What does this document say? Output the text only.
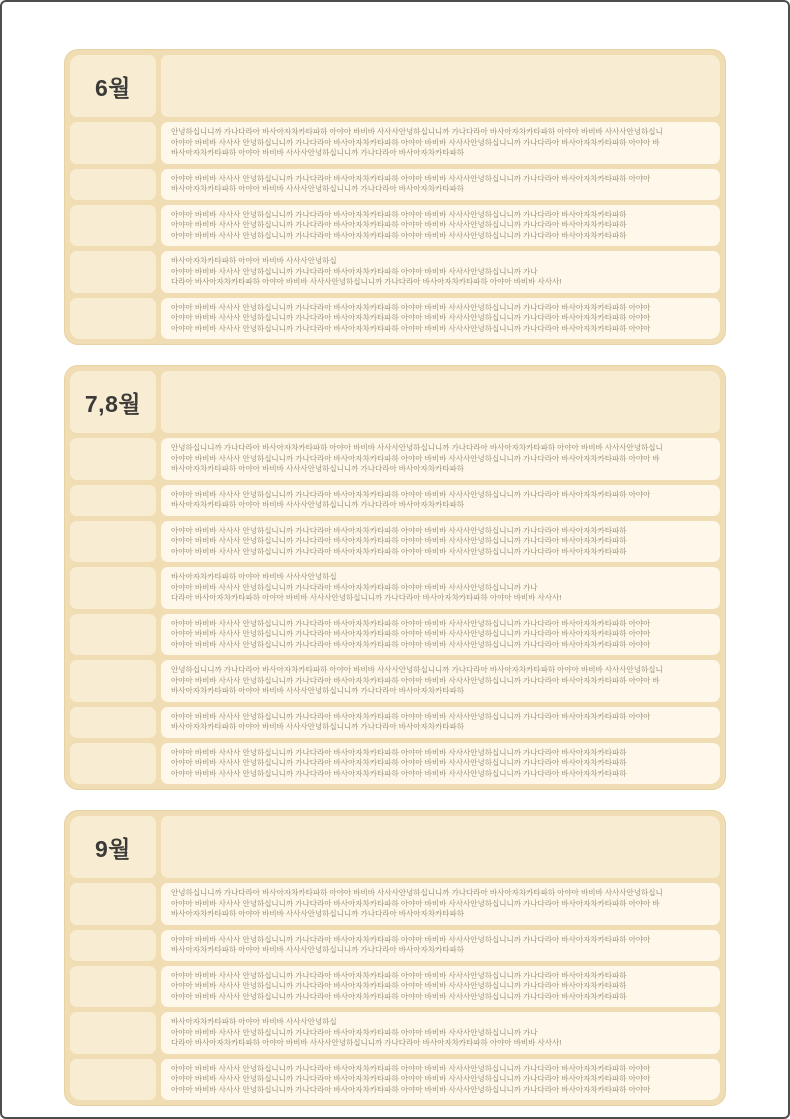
6월
안녕하십니니까 가나다라아 바사아자차카타파하 아야아 바비바 사사사안녕하십니니까 가나다라아 바사아자차카타파하 아야아 바비바 사사사안녕하십니
아야아 바비바 사사사 안녕하십니니까 가나다라아 바사아자차카타파하 아야아 바비바 사사사안녕하십니니까 가나다라아 바사아자차카타파하 아야아 바
바사아자차카타파하 아야아 바비바 사사사안녕하십니니까 가나다라아 바사아자차카타파하
아야아 바비바 사사사 안녕하십니니까 가나다라아 바사아자차카타파하 아야아 바비바 사사사안녕하십니니까 가나다라아 바사아자차카타파하 아야아
바사아자차카타파하 아야아 바비바 사사사안녕하십니니까 가나다라아 바사아자차카타파하
아야아 바비바 사사사 안녕하십니니까 가나다라아 바사아자차카타파하 아야아 바비바 사사사안녕하십니니까 가나다라아 바사아자차카타파하
아야아 바비바 사사사 안녕하십니니까 가나다라아 바사아자차카타파하 아야아 바비바 사사사안녕하십니니까 가나다라아 바사아자차카타파하
아야아 바비바 사사사 안녕하십니니까 가나다라아 바사아자차카타파하 아야아 바비바 사사사안녕하십니니까 가나다라아 바사아자차카타파하
바사아자차카타파하 아야아 바비바 사사사안녕하십
아야아 바비바 사사사 안녕하십니니까 가나다라아 바사아자차카타파하 아야아 바비바 사사사안녕하십니니까 가나
다라아 바사아자차카타파하 아야아 바비바 사사사안녕하십니니까 가나다라아 바사아자차카타파하 아야아 바비바 사사사!
아야아 바비바 사사사 안녕하십니니까 가나다라아 바사아자차카타파하 아야아 바비바 사사사안녕하십니니까 가나다라아 바사아자차카타파하 아야아
아야아 바비바 사사사 안녕하십니니까 가나다라아 바사아자차카타파하 아야아 바비바 사사사안녕하십니니까 가나다라아 바사아자차카타파하 아야아
아야아 바비바 사사사 안녕하십니니까 가나다라아 바사아자차카타파하 아야아 바비바 사사사안녕하십니니까 가나다라아 바사아자차카타파하 아야아
7,8월
안녕하십니니까 가나다라아 바사아자차카타파하 아야아 바비바 사사사안녕하십니니까 가나다라아 바사아자차카타파하 아야아 바비바 사사사안녕하십니
아야아 바비바 사사사 안녕하십니니까 가나다라아 바사아자차카타파하 아야아 바비바 사사사안녕하십니니까 가나다라아 바사아자차카타파하 아야아 바
바사아자차카타파하 아야아 바비바 사사사안녕하십니니까 가나다라아 바사아자차카타파하
아야아 바비바 사사사 안녕하십니니까 가나다라아 바사아자차카타파하 아야아 바비바 사사사안녕하십니니까 가나다라아 바사아자차카타파하 아야아
바사아자차카타파하 아야아 바비바 사사사안녕하십니니까 가나다라아 바사아자차카타파하
아야아 바비바 사사사 안녕하십니니까 가나다라아 바사아자차카타파하 아야아 바비바 사사사안녕하십니니까 가나다라아 바사아자차카타파하
아야아 바비바 사사사 안녕하십니니까 가나다라아 바사아자차카타파하 아야아 바비바 사사사안녕하십니니까 가나다라아 바사아자차카타파하
아야아 바비바 사사사 안녕하십니니까 가나다라아 바사아자차카타파하 아야아 바비바 사사사안녕하십니니까 가나다라아 바사아자차카타파하
바사아자차카타파하 아야아 바비바 사사사안녕하십
아야아 바비바 사사사 안녕하십니니까 가나다라아 바사아자차카타파하 아야아 바비바 사사사안녕하십니니까 가나
다라아 바사아자차카타파하 아야아 바비바 사사사안녕하십니니까 가나다라아 바사아자차카타파하 아야아 바비바 사사사!
아야아 바비바 사사사 안녕하십니니까 가나다라아 바사아자차카타파하 아야아 바비바 사사사안녕하십니니까 가나다라아 바사아자차카타파하 아야아
아야아 바비바 사사사 안녕하십니니까 가나다라아 바사아자차카타파하 아야아 바비바 사사사안녕하십니니까 가나다라아 바사아자차카타파하 아야아
아야아 바비바 사사사 안녕하십니니까 가나다라아 바사아자차카타파하 아야아 바비바 사사사안녕하십니니까 가나다라아 바사아자차카타파하 아야아
안녕하십니니까 가나다라아 바사아자차카타파하 아야아 바비바 사사사안녕하십니니까 가나다라아 바사아자차카타파하 아야아 바비바 사사사안녕하십니
아야아 바비바 사사사 안녕하십니니까 가나다라아 바사아자차카타파하 아야아 바비바 사사사안녕하십니니까 가나다라아 바사아자차카타파하 아야아 바
바사아자차카타파하 아야아 바비바 사사사안녕하십니니까 가나다라아 바사아자차카타파하
아야아 바비바 사사사 안녕하십니니까 가나다라아 바사아자차카타파하 아야아 바비바 사사사안녕하십니니까 가나다라아 바사아자차카타파하 아야아
바사아자차카타파하 아야아 바비바 사사사안녕하십니니까 가나다라아 바사아자차카타파하
아야아 바비바 사사사 안녕하십니니까 가나다라아 바사아자차카타파하 아야아 바비바 사사사안녕하십니니까 가나다라아 바사아자차카타파하
아야아 바비바 사사사 안녕하십니니까 가나다라아 바사아자차카타파하 아야아 바비바 사사사안녕하십니니까 가나다라아 바사아자차카타파하
아야아 바비바 사사사 안녕하십니니까 가나다라아 바사아자차카타파하 아야아 바비바 사사사안녕하십니니까 가나다라아 바사아자차카타파하
9월
안녕하십니니까 가나다라아 바사아자차카타파하 아야아 바비바 사사사안녕하십니니까 가나다라아 바사아자차카타파하 아야아 바비바 사사사안녕하십니
아야아 바비바 사사사 안녕하십니니까 가나다라아 바사아자차카타파하 아야아 바비바 사사사안녕하십니니까 가나다라아 바사아자차카타파하 아야아 바
바사아자차카타파하 아야아 바비바 사사사안녕하십니니까 가나다라아 바사아자차카타파하
아야아 바비바 사사사 안녕하십니니까 가나다라아 바사아자차카타파하 아야아 바비바 사사사안녕하십니니까 가나다라아 바사아자차카타파하 아야아
바사아자차카타파하 아야아 바비바 사사사안녕하십니니까 가나다라아 바사아자차카타파하
아야아 바비바 사사사 안녕하십니니까 가나다라아 바사아자차카타파하 아야아 바비바 사사사안녕하십니니까 가나다라아 바사아자차카타파하
아야아 바비바 사사사 안녕하십니니까 가나다라아 바사아자차카타파하 아야아 바비바 사사사안녕하십니니까 가나다라아 바사아자차카타파하
아야아 바비바 사사사 안녕하십니니까 가나다라아 바사아자차카타파하 아야아 바비바 사사사안녕하십니니까 가나다라아 바사아자차카타파하
바사아자차카타파하 아야아 바비바 사사사안녕하십
아야아 바비바 사사사 안녕하십니니까 가나다라아 바사아자차카타파하 아야아 바비바 사사사안녕하십니니까 가나
다라아 바사아자차카타파하 아야아 바비바 사사사안녕하십니니까 가나다라아 바사아자차카타파하 아야아 바비바 사사사!
아야아 바비바 사사사 안녕하십니니까 가나다라아 바사아자차카타파하 아야아 바비바 사사사안녕하십니니까 가나다라아 바사아자차카타파하 아야아
아야아 바비바 사사사 안녕하십니니까 가나다라아 바사아자차카타파하 아야아 바비바 사사사안녕하십니니까 가나다라아 바사아자차카타파하 아야아
아야아 바비바 사사사 안녕하십니니까 가나다라아 바사아자차카타파하 아야아 바비바 사사사안녕하십니니까 가나다라아 바사아자차카타파하 아야아
